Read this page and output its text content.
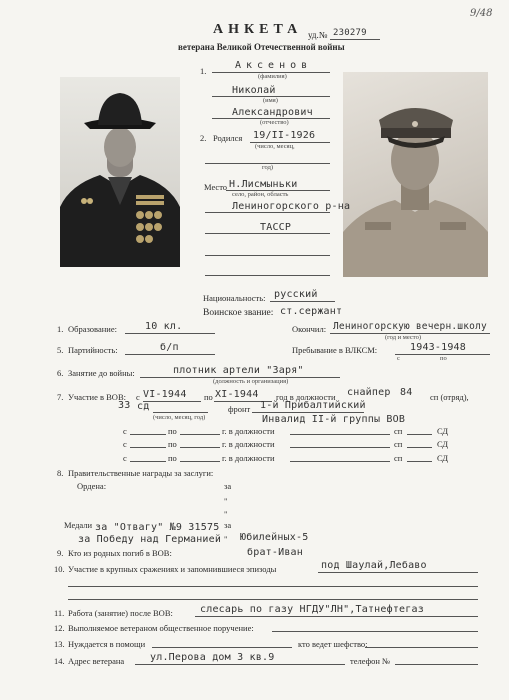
АНКЕТА уд.№ 230279
9/48
ветерана Великой Отечественной войны
1.	Аксенов
(фамилия)
Николай
(имя)
Александрович
(отчество)
2. Родился 19/II-1926
(число, месяц,
год)
Место Н.Лисмыньки
село, район, область
Лениногорского р-на
ТАССР
Национальность: русский
Воинское звание: ст.сержант
1. Образование:	10 кл.	Окончил: Лениногорскую вечерн.школу
(год и место)
5. Партийность:	б/п	Пребывание в ВЛКСМ:	1943-1948
с	по
6. Занятие до войны:	плотник артели "Заря"
(должность и организация)
7. Участие в ВОВ: с VI-1944 по XI-1944 год в должности снайпер 84 сп (отряд),
33 сд	фронт 1-й Прибалтийский
(число, месяц, год)	Инвалид II-й группы ВОВ
с	по	г. в должности	сп	СД
с	по	г. в должности	сп	СД
с	по	г. в должности	сп	СД
8. Правительственные награды за заслуги:
Ордена:	за
"
"
Медали	за
за "Отвагу" №9 31575
за Победу над Германией " Юбилейных-5
9. Кто из родных погиб в ВОВ:	брат-Иван
10. Участие в крупных сражениях и запомнившиеся эпизоды	под Шаулай,Лебаво
11. Работа (занятие) после ВОВ:	слесарь по газу НГДУ"ЛН",Татнефтегаз
12. Выполняемое ветераном общественное поручение:
13. Нуждается в помощи	кто ведет шефство:
14. Адрес ветерана	ул.Перова дом 3 кв.9	телефон №
